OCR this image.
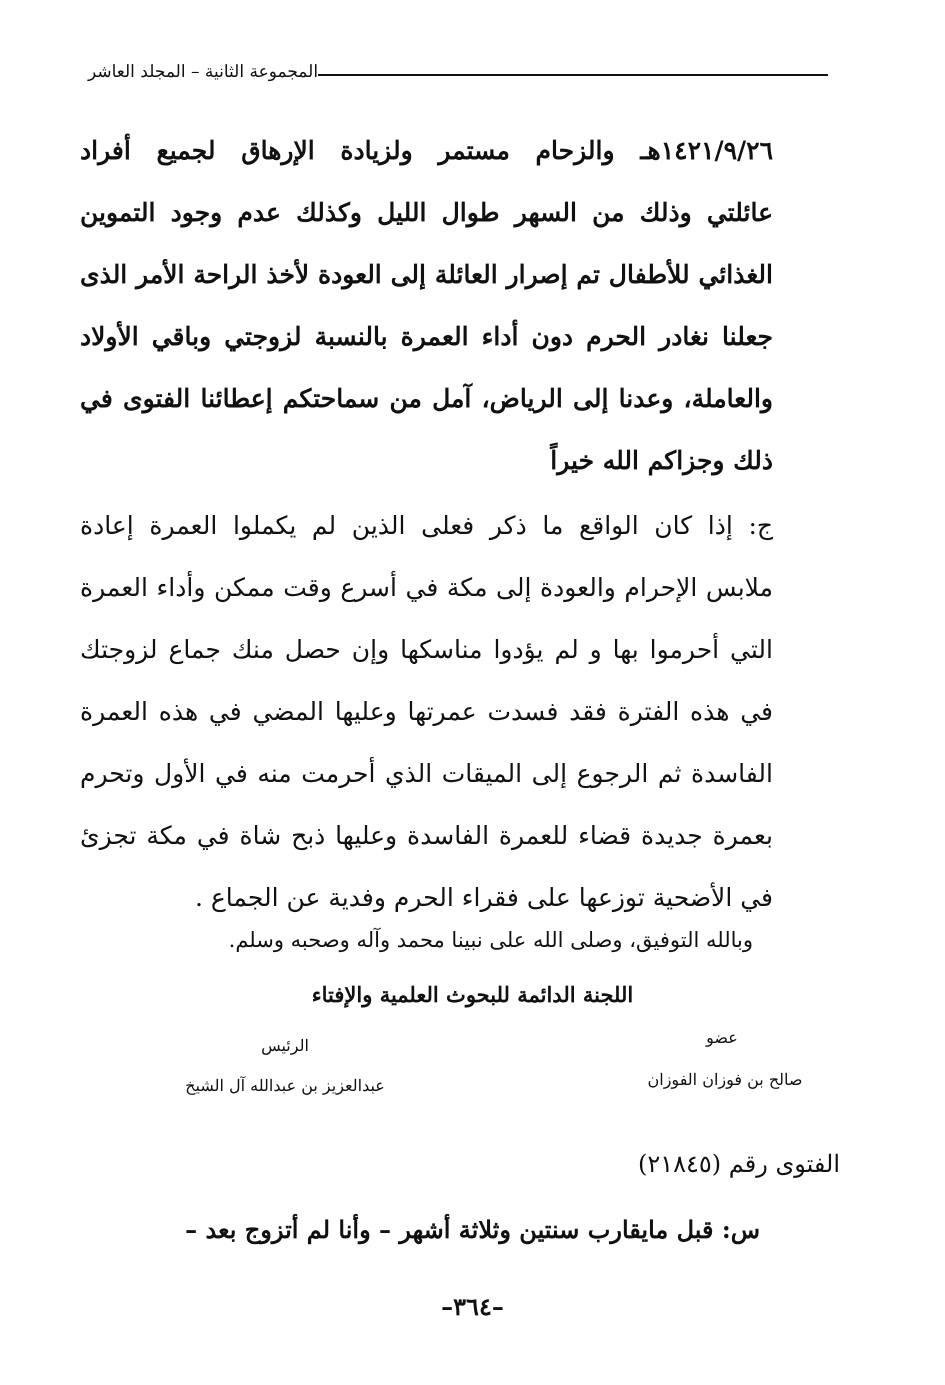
المجموعة الثانية – المجلد العاشر
١٤٢١/٩/٢٦هـ والزحام مستمر ولزيادة الإرهاق لجميع أفراد
عائلتي وذلك من السهر طوال الليل وكذلك عدم وجود التموين
الغذائي للأطفال تم إصرار العائلة إلى العودة لأخذ الراحة الأمر الذى
جعلنا نغادر الحرم دون أداء العمرة بالنسبة لزوجتي وباقي الأولاد
والعاملة، وعدنا إلى الرياض، آمل من سماحتكم إعطائنا الفتوى في
ذلك وجزاكم الله خيراً
ج: إذا كان الواقع ما ذكر فعلى الذين لم يكملوا العمرة إعادة
ملابس الإحرام والعودة إلى مكة في أسرع وقت ممكن وأداء العمرة
التي أحرموا بها و لم يؤدوا مناسكها وإن حصل منك جماع لزوجتك
في هذه الفترة فقد فسدت عمرتها وعليها المضي في هذه العمرة
الفاسدة ثم الرجوع إلى الميقات الذي أحرمت منه في الأول وتحرم
بعمرة جديدة قضاء للعمرة الفاسدة وعليها ذبح شاة في مكة تجزئ
في الأضحية توزعها على فقراء الحرم وفدية عن الجماع .
وبالله التوفيق، وصلى الله على نبينا محمد وآله وصحبه وسلم.
اللجنة الدائمة للبحوث العلمية والإفتاء
عضو
صالح بن فوزان الفوزان
الرئيس
عبدالعزيز بن عبدالله آل الشيخ
الفتوى رقم (٢١٨٤٥)
س: قبل مايقارب سنتين وثلاثة أشهر – وأنا لم أتزوج بعد –
–٣٦٤–
